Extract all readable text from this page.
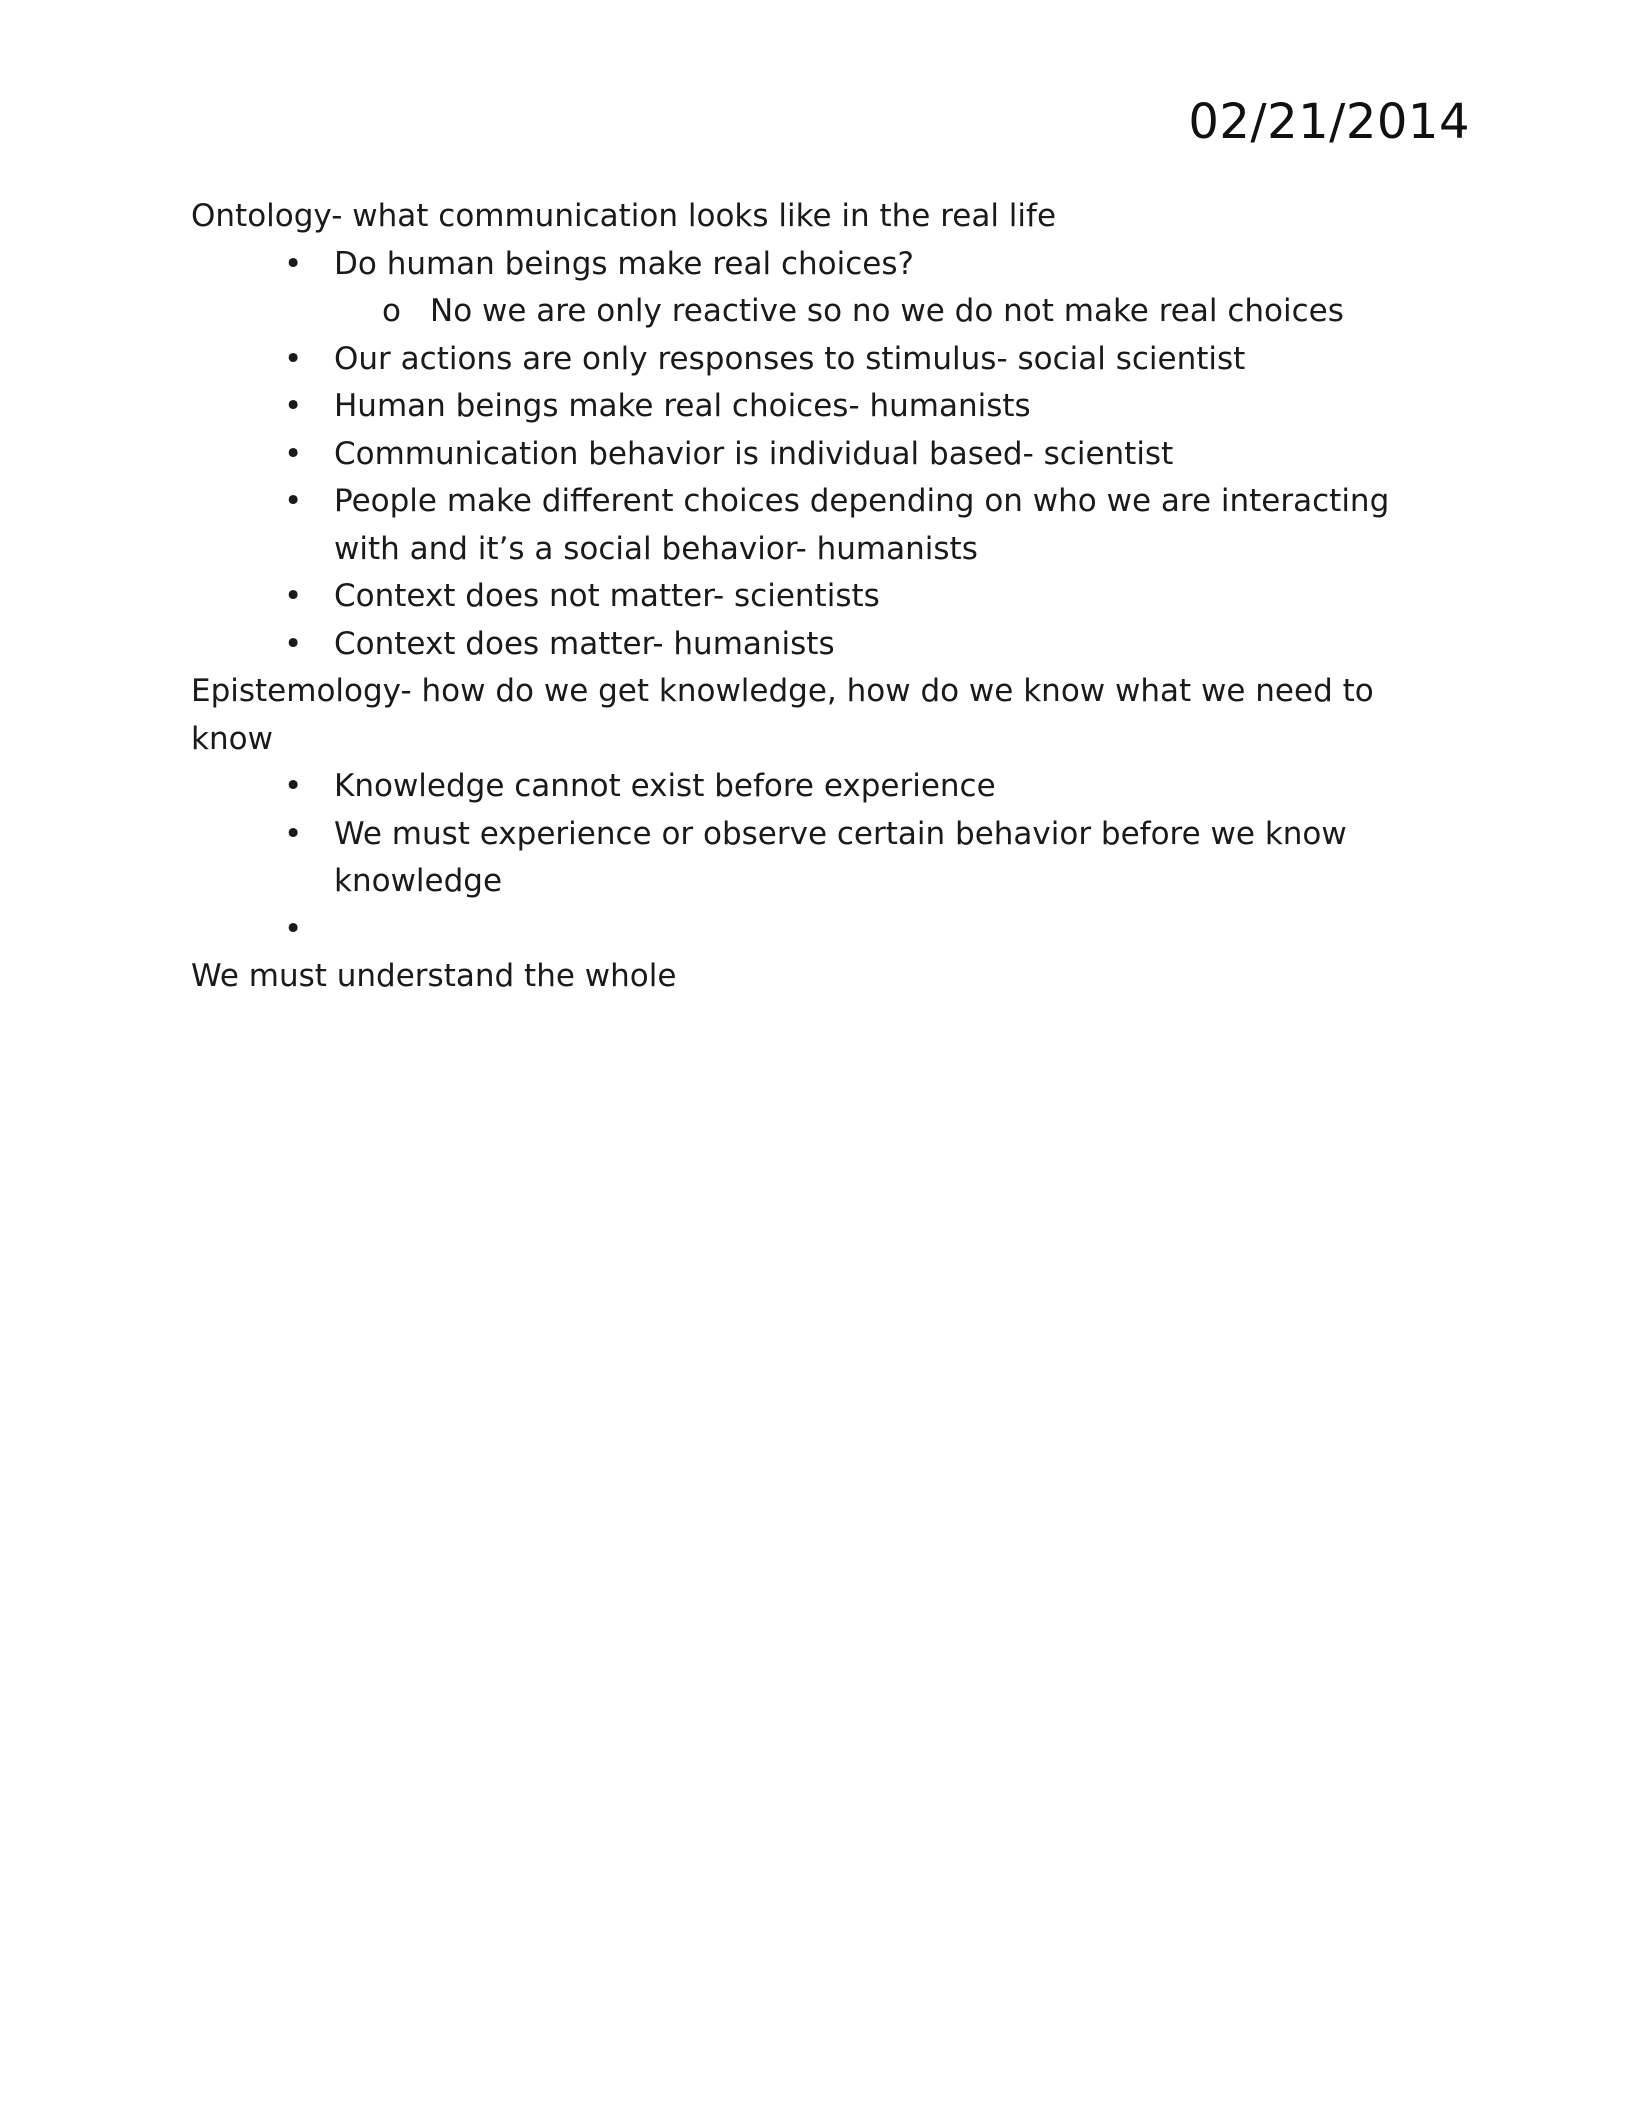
02/21/2014

Ontology- what communication looks like in the real life

• Do human beings make real choices?
o No we are only reactive so no we do not make real choices
• Our actions are only responses to stimulus- social scientist
• Human beings make real choices- humanists
• Communication behavior is individual based- scientist
• People make different choices depending on who we are interacting with and it’s a social behavior- humanists
• Context does not matter- scientists
• Context does matter- humanists

Epistemology- how do we get knowledge, how do we know what we need to know

• Knowledge cannot exist before experience
• We must experience or observe certain behavior before we know knowledge
•

We must understand the whole
